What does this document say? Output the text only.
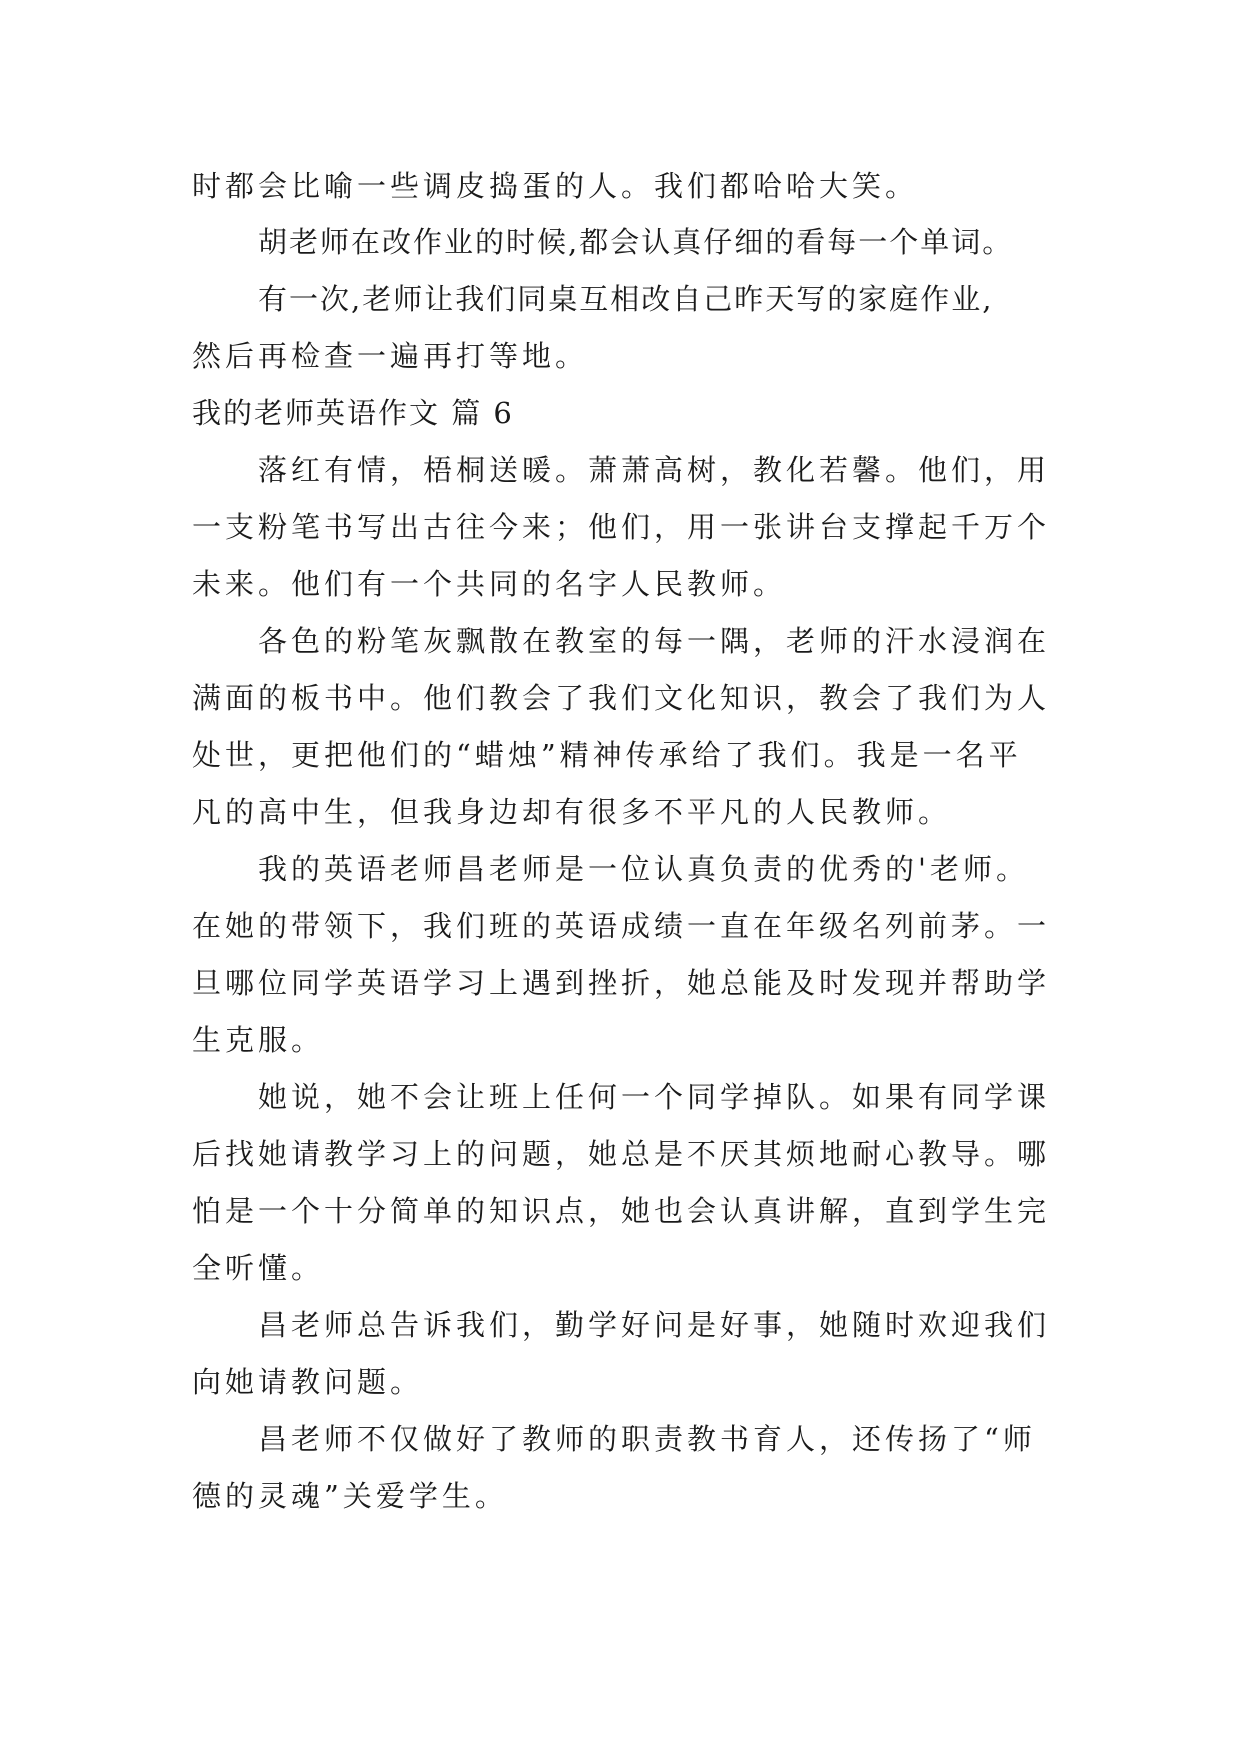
时都会比喻一些调皮捣蛋的人。我们都哈哈大笑。
胡老师在改作业的时候,都会认真仔细的看每一个单词。
有一次,老师让我们同桌互相改自己昨天写的家庭作业,
然后再检查一遍再打等地。
我的老师英语作文 篇 6
落红有情，梧桐送暖。萧萧高树，教化若馨。他们，用
一支粉笔书写出古往今来；他们，用一张讲台支撑起千万个
未来。他们有一个共同的名字人民教师。
各色的粉笔灰飘散在教室的每一隅，老师的汗水浸润在
满面的板书中。他们教会了我们文化知识，教会了我们为人
处世，更把他们的“蜡烛”精神传承给了我们。我是一名平
凡的高中生，但我身边却有很多不平凡的人民教师。
我的英语老师昌老师是一位认真负责的优秀的'老师。
在她的带领下，我们班的英语成绩一直在年级名列前茅。一
旦哪位同学英语学习上遇到挫折，她总能及时发现并帮助学
生克服。
她说，她不会让班上任何一个同学掉队。如果有同学课
后找她请教学习上的问题，她总是不厌其烦地耐心教导。哪
怕是一个十分简单的知识点，她也会认真讲解，直到学生完
全听懂。
昌老师总告诉我们，勤学好问是好事，她随时欢迎我们
向她请教问题。
昌老师不仅做好了教师的职责教书育人，还传扬了“师
德的灵魂”关爱学生。
